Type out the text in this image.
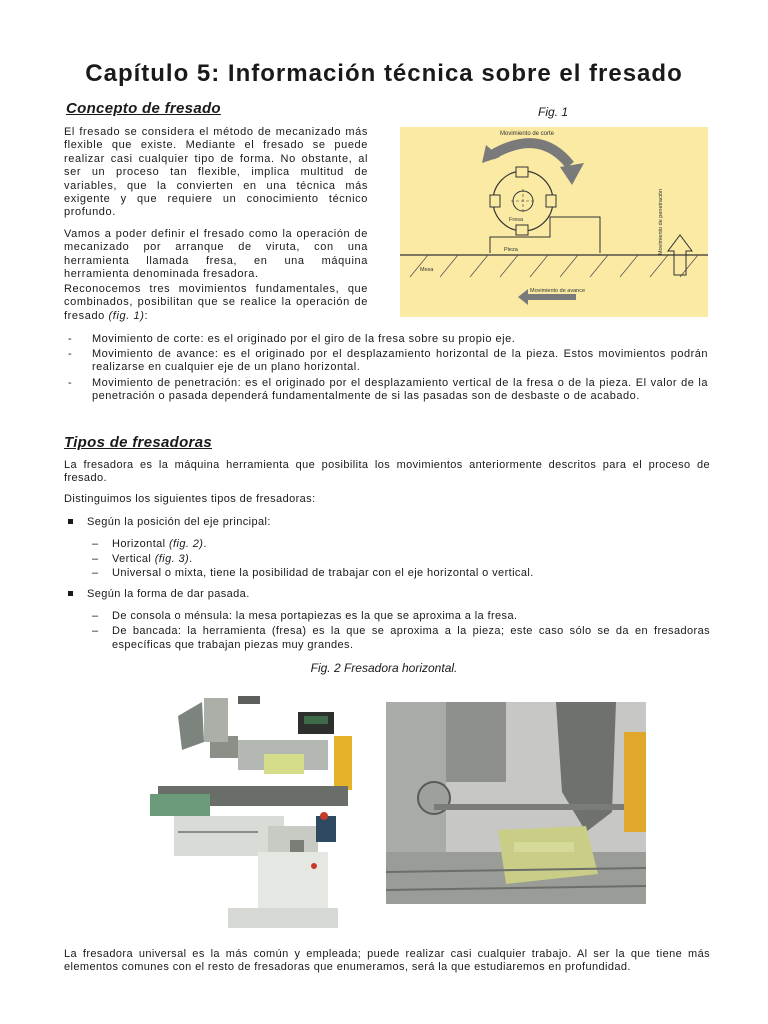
Capítulo 5: Información técnica sobre el fresado
Concepto de fresado

El fresado se considera el método de mecanizado más flexible que existe. Mediante el fresado se puede realizar casi cualquier tipo de forma. No obstante, al ser un proceso tan flexible, implica multitud de variables, que la convierten en una técnica más exigente y que requiere un conocimiento técnico profundo.

Vamos a poder definir el fresado como la operación de mecanizado por arranque de viruta, con una herramienta llamada fresa, en una máquina herramienta denominada fresadora.

Reconocemos tres movimientos fundamentales, que combinados, posibilitan que se realice la operación de fresado (fig. 1):

Fig. 1
Movimiento de corte
Fresa
Pieza
Mesa
Movimiento de penetración
Movimiento de avance
- Movimiento de corte: es el originado por el giro de la fresa sobre su propio eje.
- Movimiento de avance: es el originado por el desplazamiento horizontal de la pieza. Estos movimientos podrán realizarse en cualquier eje de un plano horizontal.
- Movimiento de penetración: es el originado por el desplazamiento vertical de la fresa o de la pieza. El valor de la penetración o pasada dependerá fundamentalmente de si las pasadas son de desbaste o de acabado.
Tipos de fresadoras

La fresadora es la máquina herramienta que posibilita los movimientos anteriormente descritos para el proceso de fresado.

Distinguimos los siguientes tipos de fresadoras:

Según la posición del eje principal:
– Horizontal (fig. 2).
– Vertical (fig. 3).
– Universal o mixta, tiene la posibilidad de trabajar con el eje horizontal o vertical.
Según la forma de dar pasada.
– De consola o ménsula: la mesa portapiezas es la que se aproxima a la fresa.
– De bancada: la herramienta (fresa) es la que se aproxima a la pieza; este caso sólo se da en fresadoras específicas que trabajan piezas muy grandes.
Fig. 2 Fresadora horizontal.

La fresadora universal es la más común y empleada; puede realizar casi cualquier trabajo. Al ser la que tiene más elementos comunes con el resto de fresadoras que enumeramos, será la que estudiaremos en profundidad.
